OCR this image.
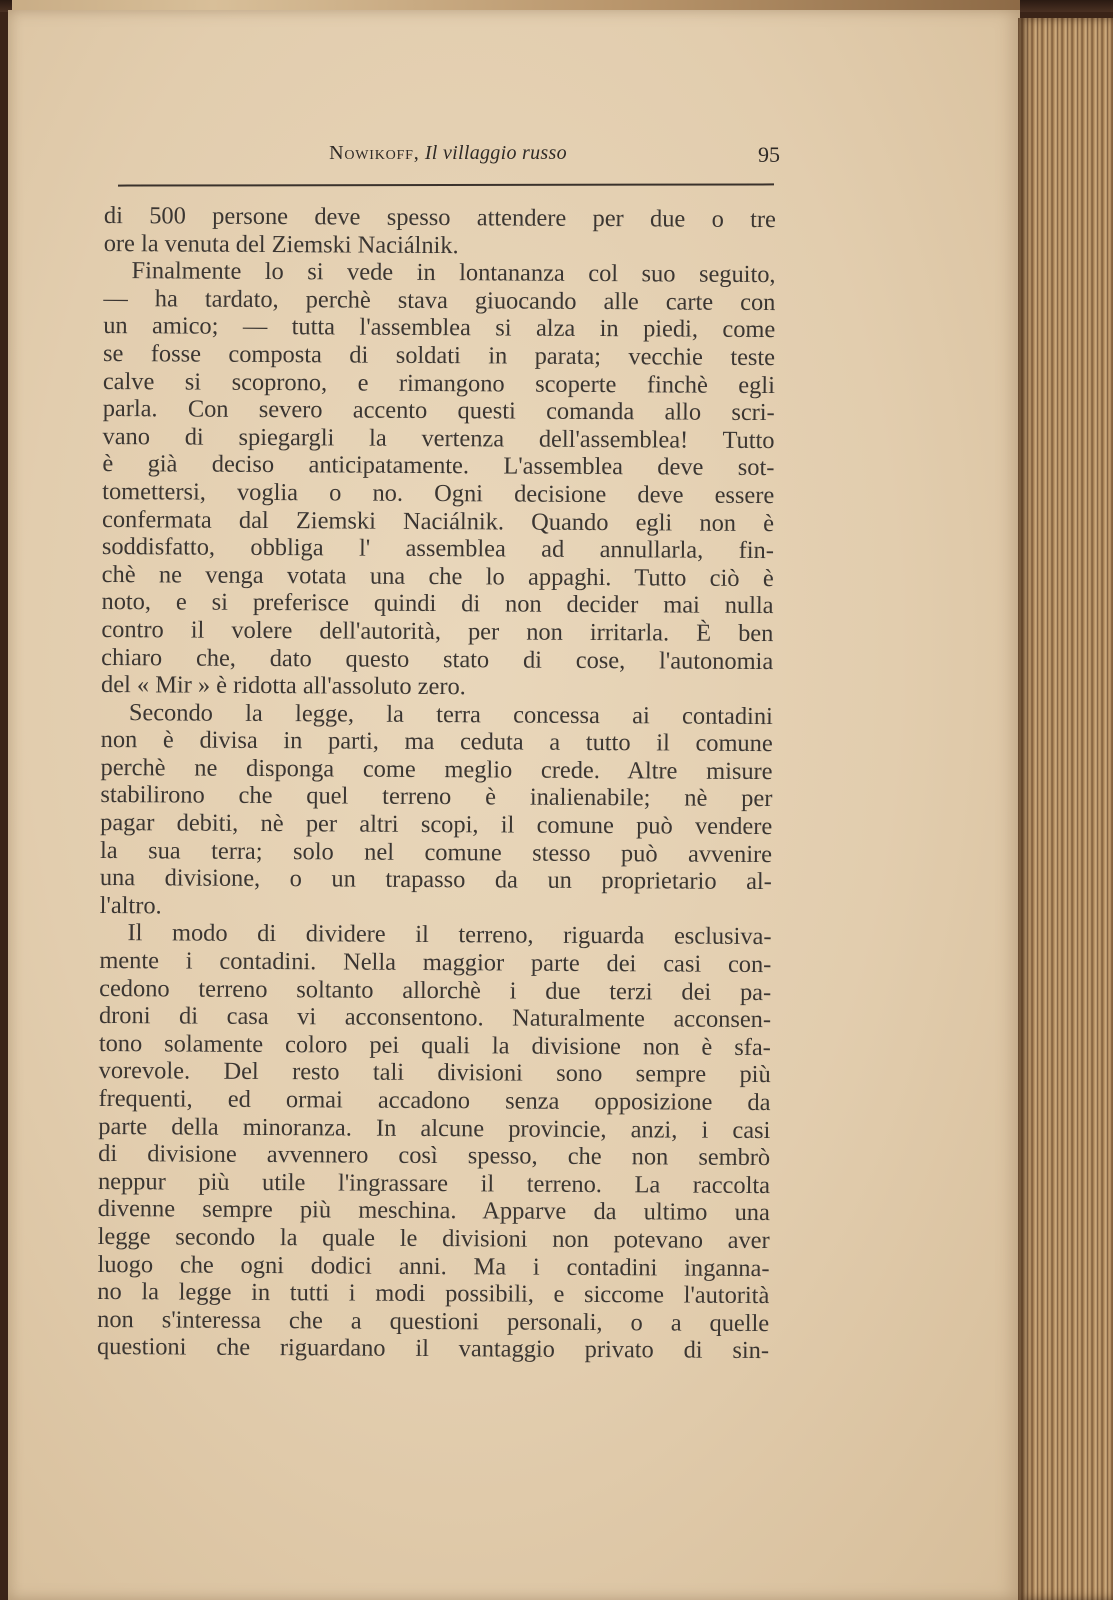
Nowikoff, Il villaggio russo	95
di 500 persone deve spesso attendere per due o tre
ore la venuta del Ziemski Naciálnik.
Finalmente lo si vede in lontananza col suo seguito,
— ha tardato, perchè stava giuocando alle carte con
un amico; — tutta l'assemblea si alza in piedi, come
se fosse composta di soldati in parata; vecchie teste
calve si scoprono, e rimangono scoperte finchè egli
parla. Con severo accento questi comanda allo scri-
vano di spiegargli la vertenza dell'assemblea! Tutto
è già deciso anticipatamente. L'assemblea deve sot-
tomettersi, voglia o no. Ogni decisione deve essere
confermata dal Ziemski Naciálnik. Quando egli non è
soddisfatto, obbliga l' assemblea ad annullarla, fin-
chè ne venga votata una che lo appaghi. Tutto ciò è
noto, e si preferisce quindi di non decider mai nulla
contro il volere dell'autorità, per non irritarla. È ben
chiaro che, dato questo stato di cose, l'autonomia
del « Mir » è ridotta all'assoluto zero.
Secondo la legge, la terra concessa ai contadini
non è divisa in parti, ma ceduta a tutto il comune
perchè ne disponga come meglio crede. Altre misure
stabilirono che quel terreno è inalienabile; nè per
pagar debiti, nè per altri scopi, il comune può vendere
la sua terra; solo nel comune stesso può avvenire
una divisione, o un trapasso da un proprietario al-
l'altro.
Il modo di dividere il terreno, riguarda esclusiva-
mente i contadini. Nella maggior parte dei casi con-
cedono terreno soltanto allorchè i due terzi dei pa-
droni di casa vi acconsentono. Naturalmente acconsen-
tono solamente coloro pei quali la divisione non è sfa-
vorevole. Del resto tali divisioni sono sempre più
frequenti, ed ormai accadono senza opposizione da
parte della minoranza. In alcune provincie, anzi, i casi
di divisione avvennero così spesso, che non sembrò
neppur più utile l'ingrassare il terreno. La raccolta
divenne sempre più meschina. Apparve da ultimo una
legge secondo la quale le divisioni non potevano aver
luogo che ogni dodici anni. Ma i contadini inganna-
no la legge in tutti i modi possibili, e siccome l'autorità
non s'interessa che a questioni personali, o a quelle
questioni che riguardano il vantaggio privato di sin-
